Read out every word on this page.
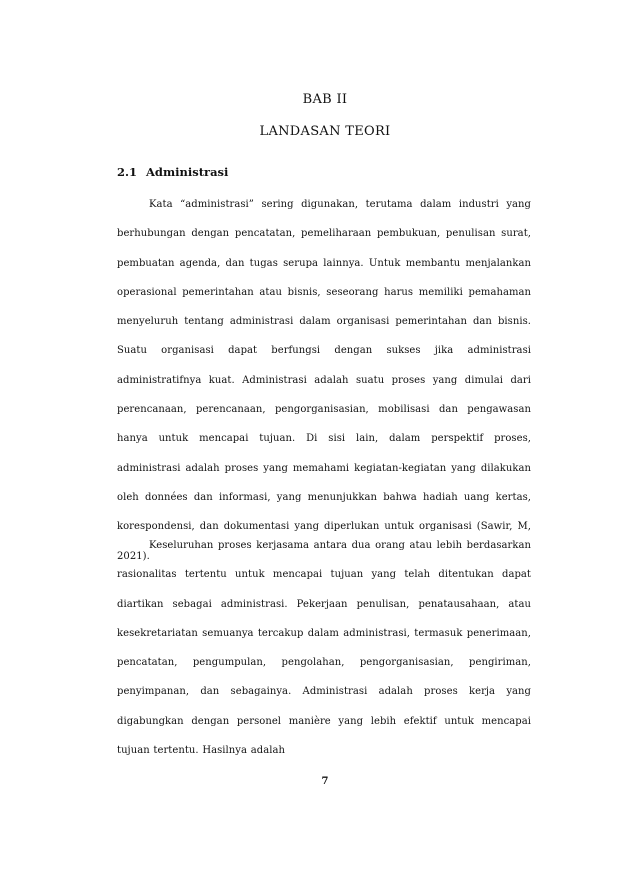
BAB II
LANDASAN TEORI
2.1 Administrasi

Kata “administrasi” sering digunakan, terutama dalam industri yang berhubungan dengan pencatatan, pemeliharaan pembukuan, penulisan surat, pembuatan agenda, dan tugas serupa lainnya. Untuk membantu menjalankan operasional pemerintahan atau bisnis, seseorang harus memiliki pemahaman menyeluruh tentang administrasi dalam organisasi pemerintahan dan bisnis. Suatu organisasi dapat berfungsi dengan sukses jika administrasi administratifnya kuat. Administrasi adalah suatu proses yang dimulai dari perencanaan, perencanaan, pengorganisasian, mobilisasi dan pengawasan hanya untuk mencapai tujuan. Di sisi lain, dalam perspektif proses, administrasi adalah proses yang memahami kegiatan-kegiatan yang dilakukan oleh données dan informasi, yang menunjukkan bahwa hadiah uang kertas, korespondensi, dan dokumentasi yang diperlukan untuk organisasi (Sawir, M, 2021).

Keseluruhan proses kerjasama antara dua orang atau lebih berdasarkan rasionalitas tertentu untuk mencapai tujuan yang telah ditentukan dapat diartikan sebagai administrasi. Pekerjaan penulisan, penatausahaan, atau kesekretariatan semuanya tercakup dalam administrasi, termasuk penerimaan, pencatatan, pengumpulan, pengolahan, pengorganisasian, pengiriman, penyimpanan, dan sebagainya. Administrasi adalah proses kerja yang digabungkan dengan personel manière yang lebih efektif untuk mencapai tujuan tertentu. Hasilnya adalah

7
